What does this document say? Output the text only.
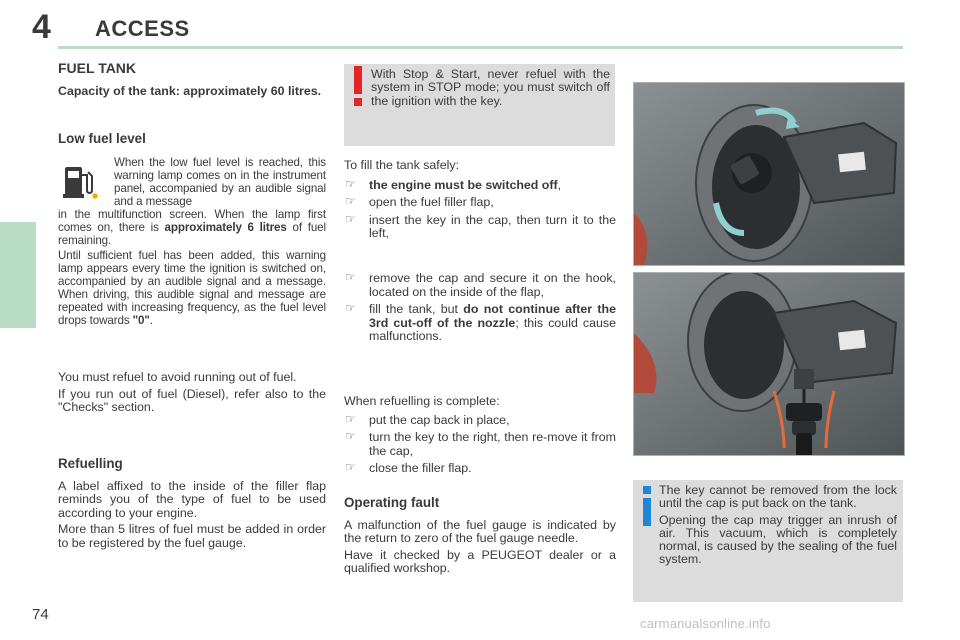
4 ACCESS
FUEL TANK

Capacity of the tank: approximately 60 litres.

Low fuel level

When the low fuel level is reached, this warning lamp comes on in the instrument panel, accompanied by an audible signal and a message

in the multifunction screen. When the lamp first comes on, there is approximately 6 litres of fuel remaining.
Until sufficient fuel has been added, this warning lamp appears every time the ignition is switched on, accompanied by an audible signal and a message. When driving, this audible signal and message are repeated with increasing frequency, as the fuel level drops towards "0".

You must refuel to avoid running out of fuel.

If you run out of fuel (Diesel), refer also to the "Checks" section.

Refuelling

A label affixed to the inside of the filler flap reminds you of the type of fuel to be used according to your engine.

More than 5 litres of fuel must be added in order to be registered by the fuel gauge.

With Stop & Start, never refuel with the system in STOP mode; you must switch off the ignition with the key.

To fill the tank safely:

☞ the engine must be switched off,
☞ open the fuel filler flap,
☞ insert the key in the cap, then turn it to the left,
☞ remove the cap and secure it on the hook, located on the inside of the flap,
☞ fill the tank, but do not continue after the 3rd cut-off of the nozzle; this could cause malfunctions.

When refuelling is complete:

☞ put the cap back in place,
☞ turn the key to the right, then re-move it from the cap,
☞ close the filler flap.
Operating fault

A malfunction of the fuel gauge is indicated by the return to zero of the fuel gauge needle.

Have it checked by a PEUGEOT dealer or a qualified workshop.

The key cannot be removed from the lock until the cap is put back on the tank.

Opening the cap may trigger an inrush of air. This vacuum, which is completely normal, is caused by the sealing of the fuel system.

74
carmanualsonline.info
